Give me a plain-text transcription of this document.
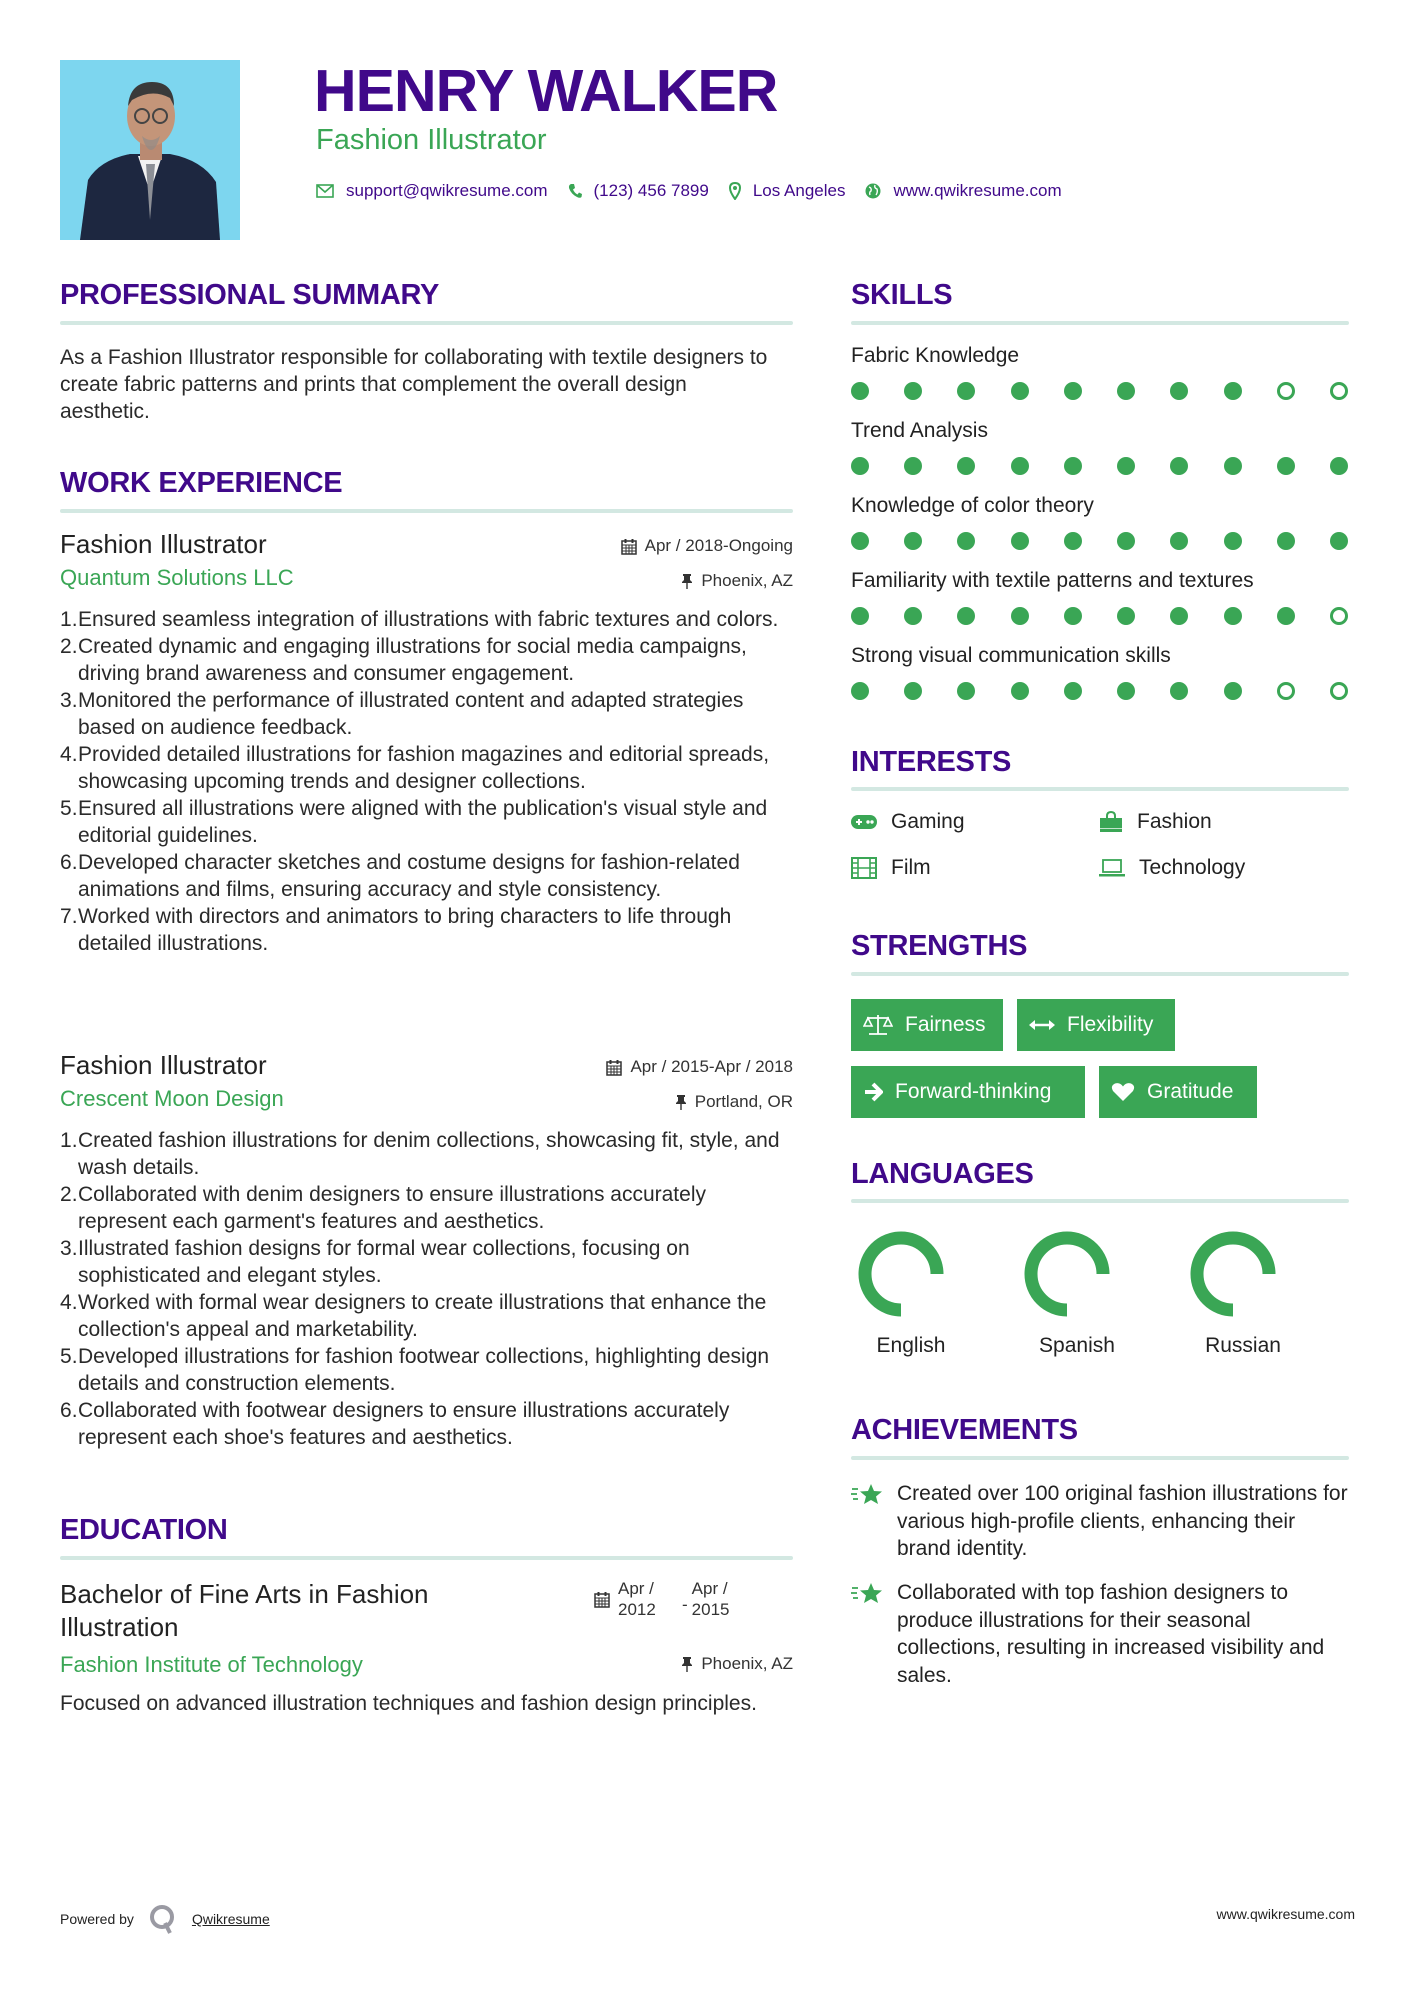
HENRY WALKER
Fashion Illustrator
support@qwikresume.com	(123) 456 7899	Los Angeles	www.qwikresume.com
PROFESSIONAL SUMMARY
As a Fashion Illustrator responsible for collaborating with textile designers to create fabric patterns and prints that complement the overall design aesthetic.
WORK EXPERIENCE
Fashion Illustrator
Quantum Solutions LLC
Apr / 2018-Ongoing
Phoenix, AZ
Ensured seamless integration of illustrations with fabric textures and colors.
Created dynamic and engaging illustrations for social media campaigns, driving brand awareness and consumer engagement.
Monitored the performance of illustrated content and adapted strategies based on audience feedback.
Provided detailed illustrations for fashion magazines and editorial spreads, showcasing upcoming trends and designer collections.
Ensured all illustrations were aligned with the publication's visual style and editorial guidelines.
Developed character sketches and costume designs for fashion-related animations and films, ensuring accuracy and style consistency.
Worked with directors and animators to bring characters to life through detailed illustrations.
Fashion Illustrator
Crescent Moon Design
Apr / 2015-Apr / 2018
Portland, OR
Created fashion illustrations for denim collections, showcasing fit, style, and wash details.
Collaborated with denim designers to ensure illustrations accurately represent each garment's features and aesthetics.
Illustrated fashion designs for formal wear collections, focusing on sophisticated and elegant styles.
Worked with formal wear designers to create illustrations that enhance the collection's appeal and marketability.
Developed illustrations for fashion footwear collections, highlighting design details and construction elements.
Collaborated with footwear designers to ensure illustrations accurately represent each shoe's features and aesthetics.
EDUCATION
Bachelor of Fine Arts in Fashion Illustration
Apr / 2012	-
Apr / 2015
Fashion Institute of Technology	Phoenix, AZ
Focused on advanced illustration techniques and fashion design principles.
SKILLS
Fabric Knowledge
Trend Analysis
Knowledge of color theory
Familiarity with textile patterns and textures
Strong visual communication skills
INTERESTS
Gaming	Fashion
Film	Technology
STRENGTHS
Fairness	Flexibility
Forward-thinking	Gratitude
LANGUAGES
English	Spanish	Russian
ACHIEVEMENTS
Created over 100 original fashion illustrations for various high-profile clients, enhancing their brand identity.
Collaborated with top fashion designers to produce illustrations for their seasonal collections, resulting in increased visibility and sales.
Powered by	Qwikresume	www.qwikresume.com
